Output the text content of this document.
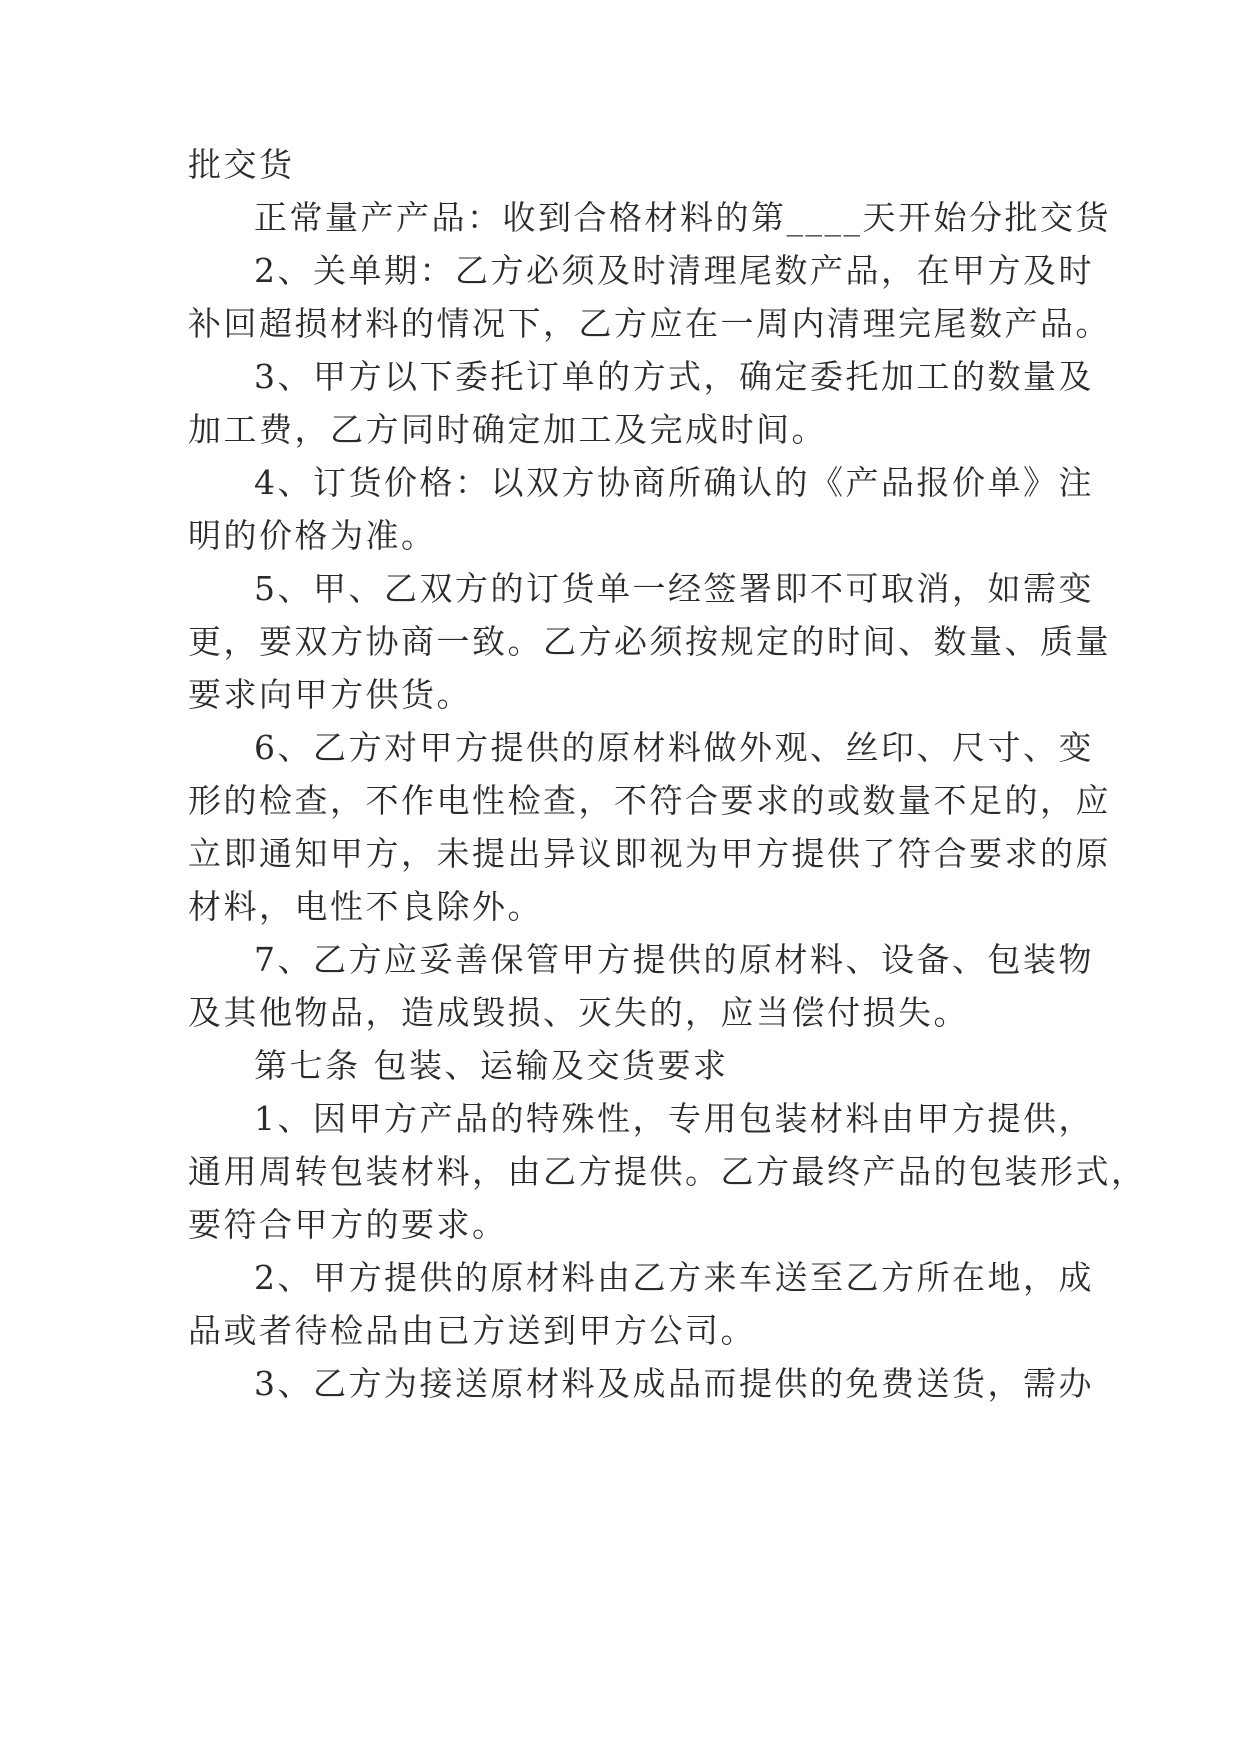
批交货
正常量产产品：收到合格材料的第____天开始分批交货
2、关单期：乙方必须及时清理尾数产品，在甲方及时
补回超损材料的情况下，乙方应在一周内清理完尾数产品。
3、甲方以下委托订单的方式，确定委托加工的数量及
加工费，乙方同时确定加工及完成时间。
4、订货价格：以双方协商所确认的《产品报价单》注
明的价格为准。
5、甲、乙双方的订货单一经签署即不可取消，如需变
更，要双方协商一致。乙方必须按规定的时间、数量、质量
要求向甲方供货。
6、乙方对甲方提供的原材料做外观、丝印、尺寸、变
形的检查，不作电性检查，不符合要求的或数量不足的，应
立即通知甲方，未提出异议即视为甲方提供了符合要求的原
材料，电性不良除外。
7、乙方应妥善保管甲方提供的原材料、设备、包装物
及其他物品，造成毁损、灭失的，应当偿付损失。
第七条 包装、运输及交货要求
1、因甲方产品的特殊性，专用包装材料由甲方提供，
通用周转包装材料，由乙方提供。乙方最终产品的包装形式，
要符合甲方的要求。
2、甲方提供的原材料由乙方来车送至乙方所在地，成
品或者待检品由已方送到甲方公司。
3、乙方为接送原材料及成品而提供的免费送货，需办
